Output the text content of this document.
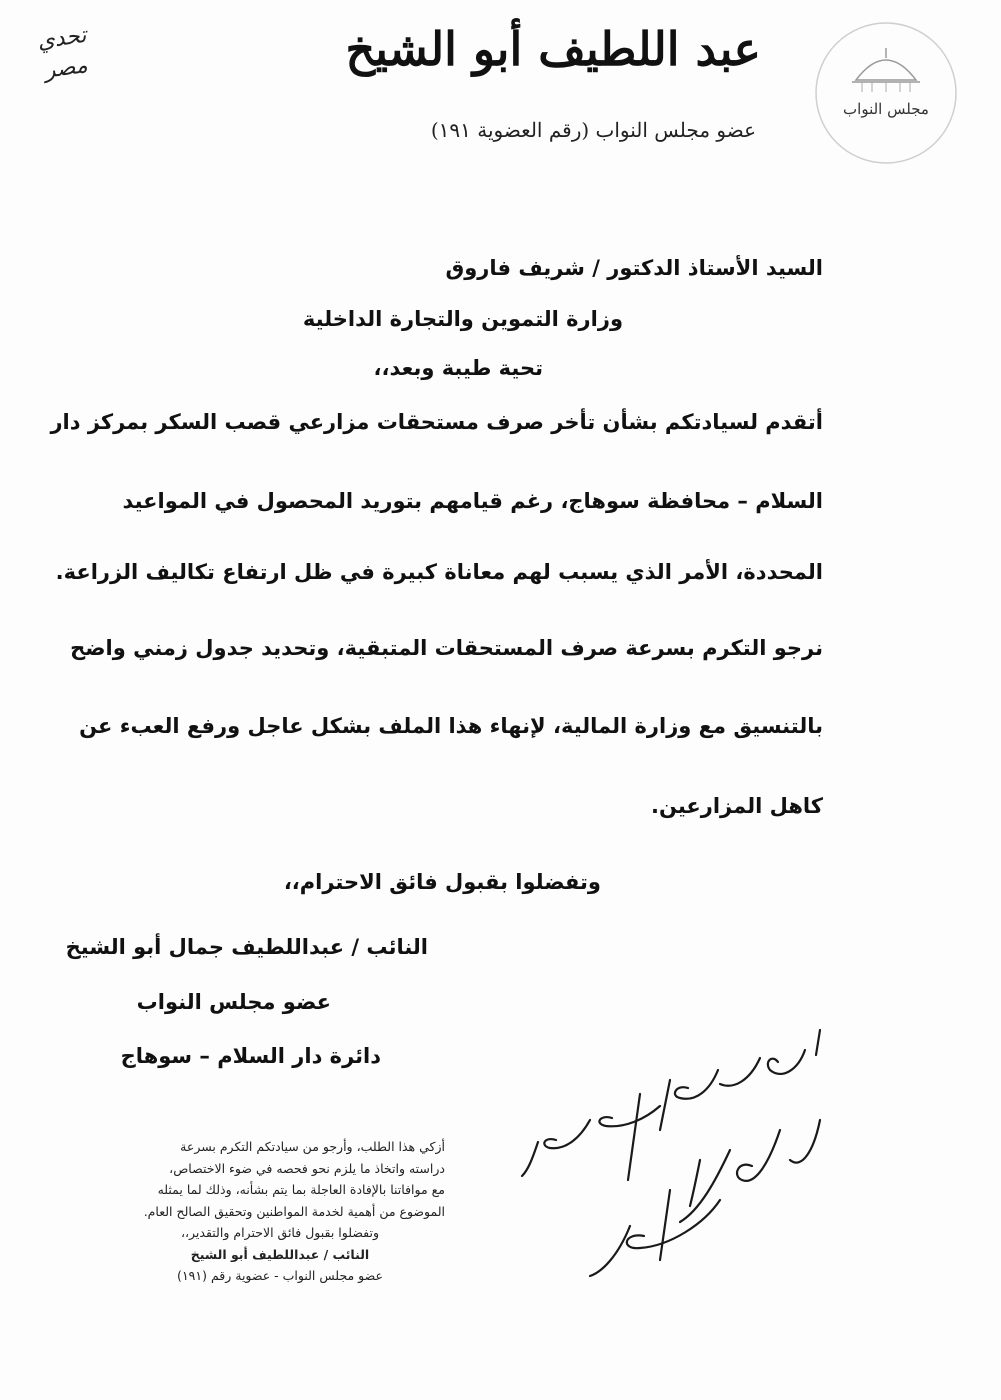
مجلس النواب
عبد اللطيف أبو الشيخ
عضو مجلس النواب (رقم العضوية ١٩١)
تحدي مصر
السيد الأستاذ الدكتور / شريف فاروق
وزارة التموين والتجارة الداخلية
تحية طيبة وبعد،،
أتقدم لسيادتكم بشأن تأخر صرف مستحقات مزارعي قصب السكر بمركز دار
السلام – محافظة سوهاج، رغم قيامهم بتوريد المحصول في المواعيد
المحددة، الأمر الذي يسبب لهم معاناة كبيرة في ظل ارتفاع تكاليف الزراعة.
نرجو التكرم بسرعة صرف المستحقات المتبقية، وتحديد جدول زمني واضح
بالتنسيق مع وزارة المالية، لإنهاء هذا الملف بشكل عاجل ورفع العبء عن
كاهل المزارعين.
وتفضلوا بقبول فائق الاحترام،،
النائب / عبداللطيف جمال أبو الشيخ
عضو مجلس النواب
دائرة دار السلام – سوهاج
أزكي هذا الطلب، وأرجو من سيادتكم التكرم بسرعة
دراسته واتخاذ ما يلزم نحو فحصه في ضوء الاختصاص،
مع موافاتنا بالإفادة العاجلة بما يتم بشأنه، وذلك لما يمثله
الموضوع من أهمية لخدمة المواطنين وتحقيق الصالح العام.
وتفضلوا بقبول فائق الاحترام والتقدير،،
النائب / عبداللطيف أبو الشيخ
عضو مجلس النواب - عضوية رقم (١٩١)
